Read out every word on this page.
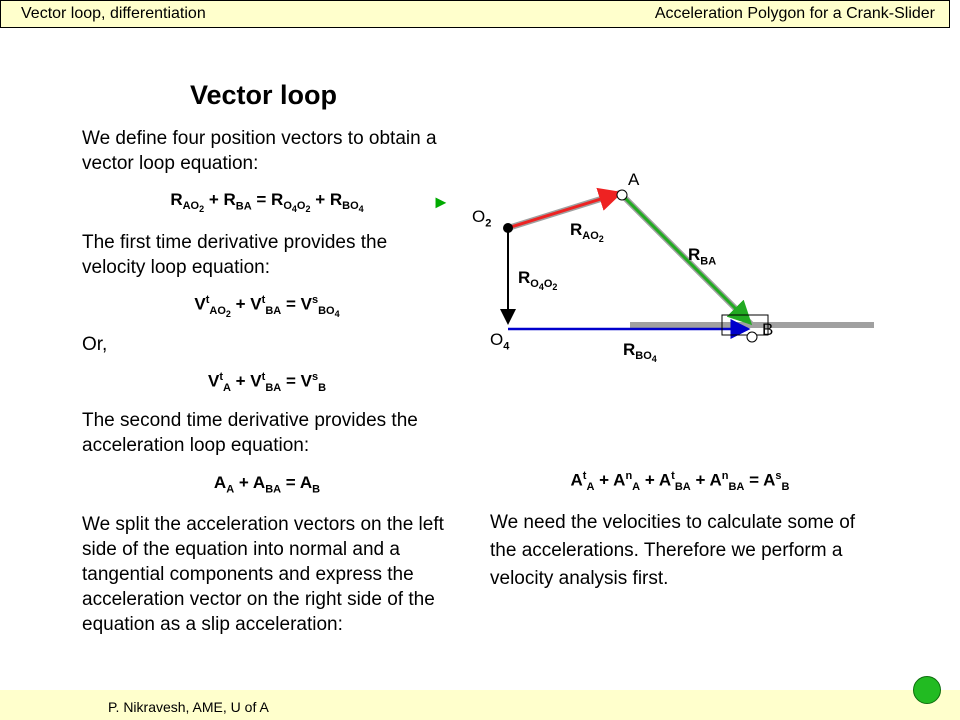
Vector loop, differentiation	Acceleration Polygon for a Crank-Slider
Vector loop

We define four position vectors to obtain a vector loop equation:

$R_{AO_2} + R_{BA} = R_{O_4O_2} + R_{BO_4}$	►

The first time derivative provides the velocity loop equation:

$V^t_{AO_2} + V^t_{BA} = V^s_{BO_4}$

Or,

$V^t_A + V^t_{BA} = V^s_B$

The second time derivative provides the acceleration loop equation:

$A_A + A_{BA} = A_B$

We split the acceleration vectors on the left side of the equation into normal and a tangential components and express the acceleration vector on the right side of the equation as a slip acceleration:

$A^t_A + A^n_A + A^t_{BA} + A^n_{BA} = A^s_B$

We need the velocities to calculate some of the accelerations. Therefore we perform a velocity analysis first.

A
$O_2$
$O_4$
B
$R_{AO_2}$
$R_{BA}$
$R_{O_4O_2}$
$R_{BO_4}$
P. Nikravesh, AME, U of A
